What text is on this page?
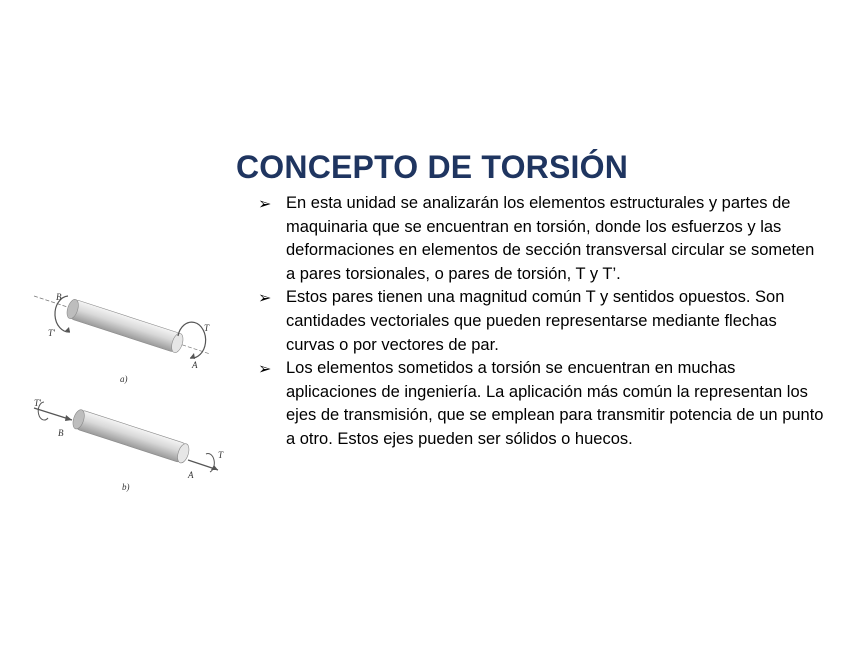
CONCEPTO DE TORSIÓN
➢ En esta unidad se analizarán los elementos estructurales y partes de maquinaria que se encuentran en torsión, donde los esfuerzos y las deformaciones en elementos de sección transversal circular se someten a pares torsionales, o pares de torsión, T y T’.
➢ Estos pares tienen una magnitud común T y sentidos opuestos. Son cantidades vectoriales que pueden representarse mediante flechas curvas o por vectores de par.
➢ Los elementos sometidos a torsión se encuentran en muchas aplicaciones de ingeniería. La aplicación más común la representan los ejes de transmisión, que se emplean para transmitir potencia de un punto a otro. Estos ejes pueden ser sólidos o huecos.
B
T'	T
A
a)
T'
B
T
A
b)
